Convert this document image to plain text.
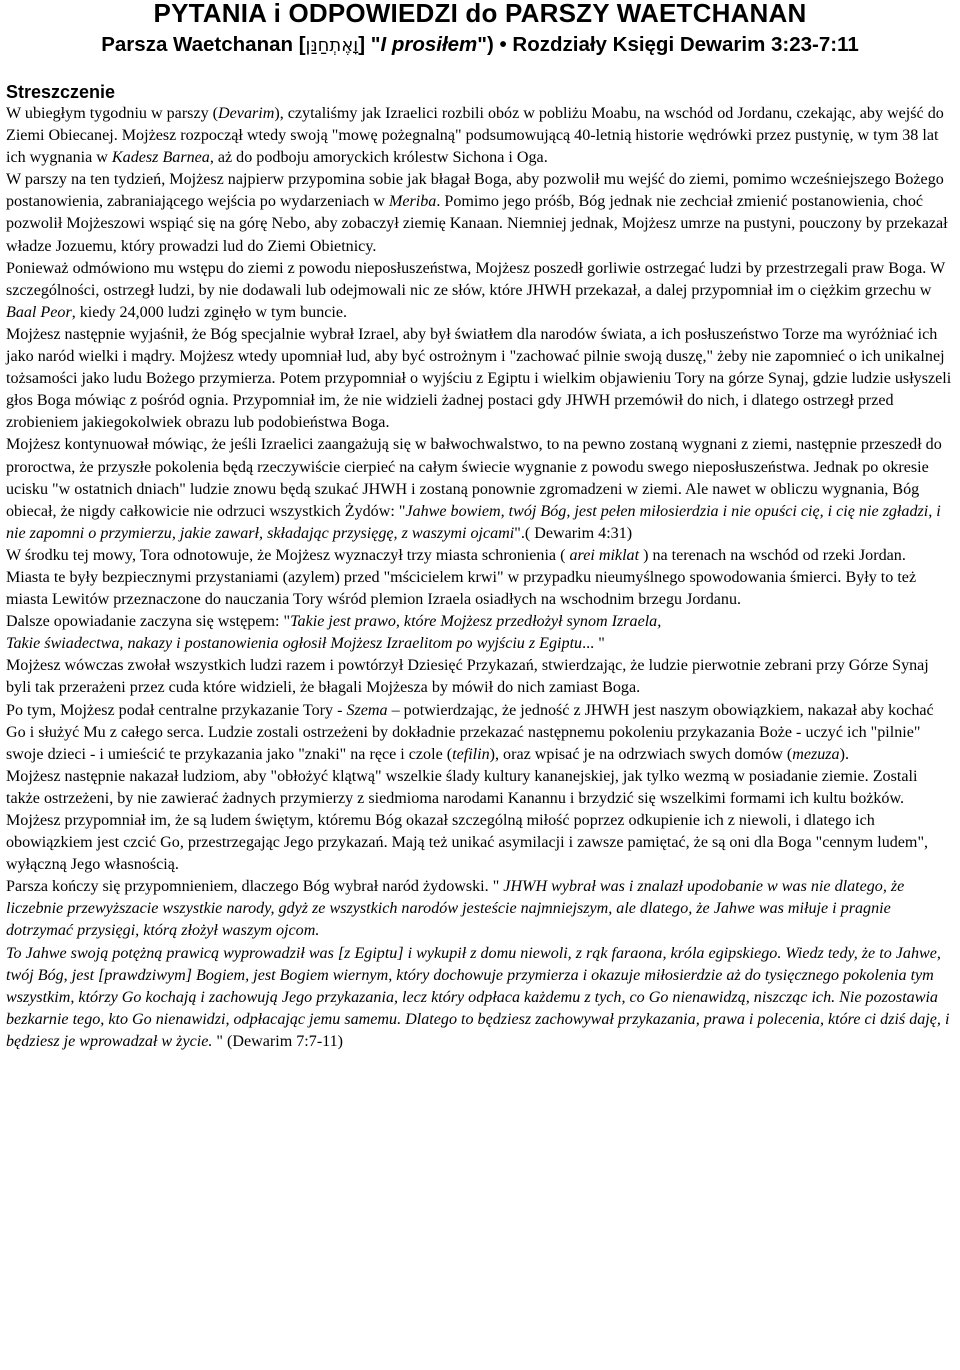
PYTANIA i ODPOWIEDZI do PARSZY WAETCHANAN
Parsza Waetchanan [וָאֶתְחַנַּן] "I prosiłem") • Rozdziały Księgi Dewarim 3:23-7:11
Streszczenie

W ubiegłym tygodniu w parszy (Devarim), czytaliśmy jak Izraelici rozbili obóz w pobliżu Moabu, na wschód od Jordanu, czekając, aby wejść do Ziemi Obiecanej. Mojżesz rozpoczął wtedy swoją "mowę pożegnalną" podsumowującą 40-letnią historie wędrówki przez pustynię, w tym 38 lat ich wygnania w Kadesz Barnea, aż do podboju amoryckich królestw Sichona i Oga.

W parszy na ten tydzień, Mojżesz najpierw przypomina sobie jak błagał Boga, aby pozwolił mu wejść do ziemi, pomimo wcześniejszego Bożego postanowienia, zabraniającego wejścia po wydarzeniach w Meriba. Pomimo jego próśb, Bóg jednak nie zechciał zmienić postanowienia, choć pozwolił Mojżeszowi wspiąć się na górę Nebo, aby zobaczył ziemię Kanaan. Niemniej jednak, Mojżesz umrze na pustyni, pouczony by przekazał władze Jozuemu, który prowadzi lud do Ziemi Obietnicy.

Ponieważ odmówiono mu wstępu do ziemi z powodu nieposłuszeństwa, Mojżesz poszedł gorliwie ostrzegać ludzi by przestrzegali praw Boga. W szczególności, ostrzegł ludzi, by nie dodawali lub odejmowali nic ze słów, które JHWH przekazał, a dalej przypomniał im o ciężkim grzechu w Baal Peor, kiedy 24,000 ludzi zginęło w tym buncie.

Mojżesz następnie wyjaśnił, że Bóg specjalnie wybrał Izrael, aby był światłem dla narodów świata, a ich posłuszeństwo Torze ma wyróżniać ich jako naród wielki i mądry. Mojżesz wtedy upomniał lud, aby być ostrożnym i "zachować pilnie swoją duszę," żeby nie zapomnieć o ich unikalnej tożsamości jako ludu Bożego przymierza. Potem przypomniał o wyjściu z Egiptu i wielkim objawieniu Tory na górze Synaj, gdzie ludzie usłyszeli głos Boga mówiąc z pośród ognia. Przypomniał im, że nie widzieli żadnej postaci gdy JHWH przemówił do nich, i dlatego ostrzegł przed zrobieniem jakiegokolwiek obrazu lub podobieństwa Boga.

Mojżesz kontynuował mówiąc, że jeśli Izraelici zaangażują się w bałwochwalstwo, to na pewno zostaną wygnani z ziemi, następnie przeszedł do proroctwa, że przyszłe pokolenia będą rzeczywiście cierpieć na całym świecie wygnanie z powodu swego nieposłuszeństwa. Jednak po okresie ucisku "w ostatnich dniach" ludzie znowu będą szukać JHWH i zostaną ponownie zgromadzeni w ziemi. Ale nawet w obliczu wygnania, Bóg obiecał, że nigdy całkowicie nie odrzuci wszystkich Żydów: "Jahwe bowiem, twój Bóg, jest pełen miłosierdzia i nie opuści cię, i cię nie zgładzi, i nie zapomni o przymierzu, jakie zawarł, składając przysięgę, z waszymi ojcami".( Dewarim 4:31)

W środku tej mowy, Tora odnotowuje, że Mojżesz wyznaczył trzy miasta schronienia ( arei miklat ) na terenach na wschód od rzeki Jordan. Miasta te były bezpiecznymi przystaniami (azylem) przed "mścicielem krwi" w przypadku nieumyślnego spowodowania śmierci. Były to też miasta Lewitów przeznaczone do nauczania Tory wśród plemion Izraela osiadłych na wschodnim brzegu Jordanu.

Dalsze opowiadanie zaczyna się wstępem: "Takie jest prawo, które Mojżesz przedłożył synom Izraela,

Takie świadectwa, nakazy i postanowienia ogłosił Mojżesz Izraelitom po wyjściu z Egiptu... "

Mojżesz wówczas zwołał wszystkich ludzi razem i powtórzył Dziesięć Przykazań, stwierdzając, że ludzie pierwotnie zebrani przy Górze Synaj byli tak przerażeni przez cuda które widzieli, że błagali Mojżesza by mówił do nich zamiast Boga.

Po tym, Mojżesz podał centralne przykazanie Tory - Szema – potwierdzając, że jedność z JHWH jest naszym obowiązkiem, nakazał aby kochać Go i służyć Mu z całego serca. Ludzie zostali ostrzeżeni by dokładnie przekazać następnemu pokoleniu przykazania Boże - uczyć ich "pilnie" swoje dzieci - i umieścić te przykazania jako "znaki" na ręce i czole (tefilin), oraz wpisać je na odrzwiach swych domów (mezuza).

Mojżesz następnie nakazał ludziom, aby "obłożyć klątwą" wszelkie ślady kultury kananejskiej, jak tylko wezmą w posiadanie ziemie. Zostali także ostrzeżeni, by nie zawierać żadnych przymierzy z siedmioma narodami Kanannu i brzydzić się wszelkimi formami ich kultu bożków. Mojżesz przypomniał im, że są ludem świętym, któremu Bóg okazał szczególną miłość poprzez odkupienie ich z niewoli, i dlatego ich obowiązkiem jest czcić Go, przestrzegając Jego przykazań. Mają też unikać asymilacji i zawsze pamiętać, że są oni dla Boga "cennym ludem", wyłączną Jego własnością.

Parsza kończy się przypomnieniem, dlaczego Bóg wybrał naród żydowski. " JHWH wybrał was i znalazł upodobanie w was nie dlatego, że liczebnie przewyższacie wszystkie narody, gdyż ze wszystkich narodów jesteście najmniejszym, ale dlatego, że Jahwe was miłuje i pragnie dotrzymać przysięgi, którą złożył waszym ojcom.

To Jahwe swoją potężną prawicą wyprowadził was [z Egiptu] i wykupił z domu niewoli, z rąk faraona, króla egipskiego. Wiedz tedy, że to Jahwe, twój Bóg, jest [prawdziwym] Bogiem, jest Bogiem wiernym, który dochowuje przymierza i okazuje miłosierdzie aż do tysięcznego pokolenia tym wszystkim, którzy Go kochają i zachowują Jego przykazania, lecz który odpłaca każdemu z tych, co Go nienawidzą, niszcząc ich. Nie pozostawia bezkarnie tego, kto Go nienawidzi, odpłacając jemu samemu. Dlatego to będziesz zachowywał przykazania, prawa i polecenia, które ci dziś daję, i będziesz je wprowadzał w życie. " (Dewarim 7:7-11)
